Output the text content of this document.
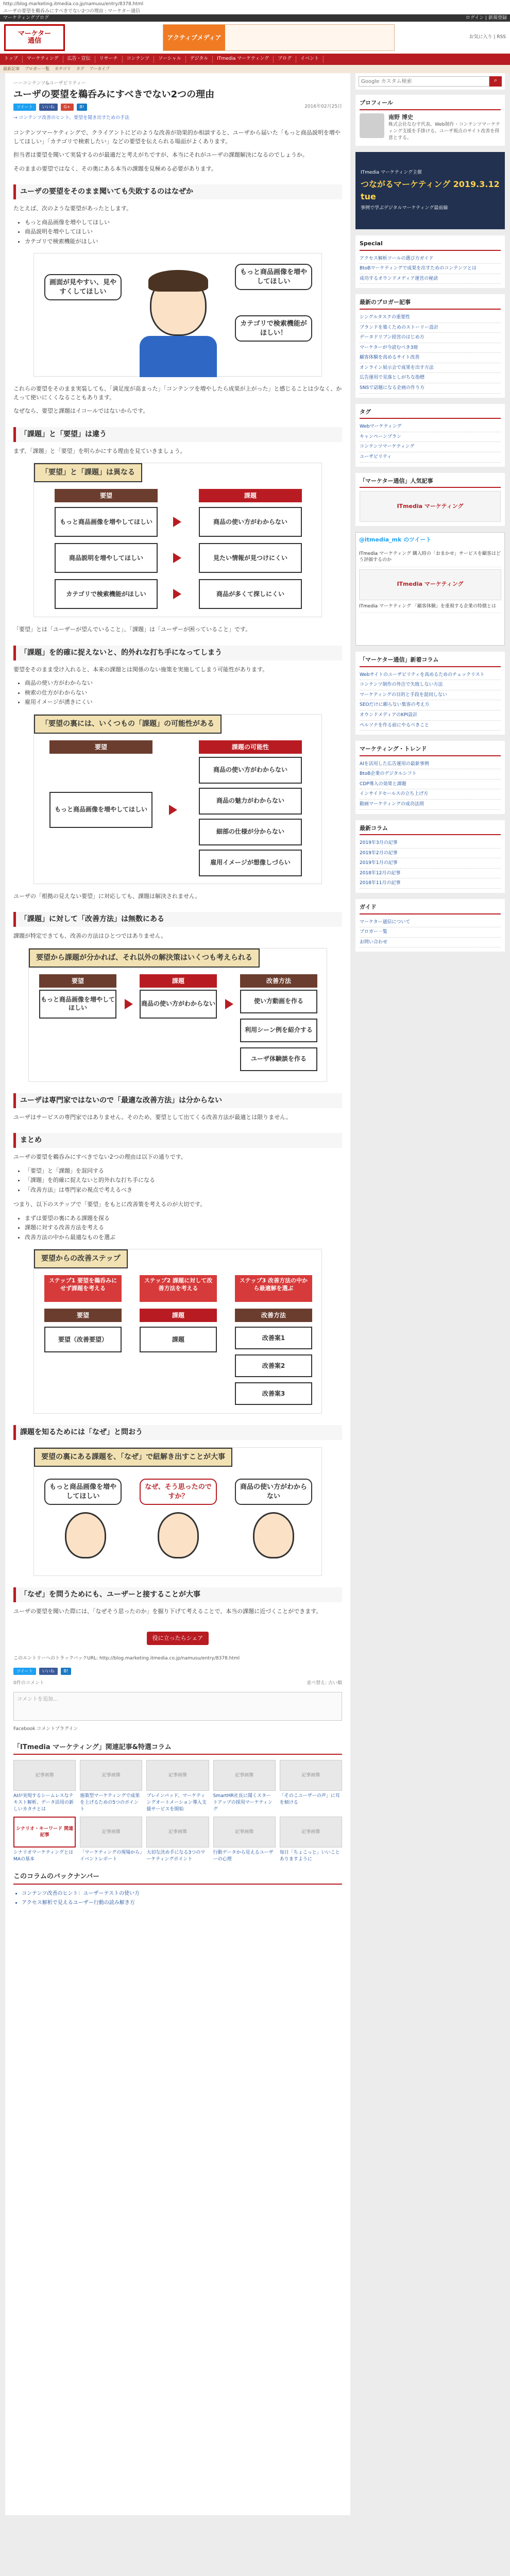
http://blog.marketing.itmedia.co.jp/namusu/entry/8378.html
ユーザの要望を鵜呑みにすべきでない2つの理由 : マーケター通信
マーケティングブログ	ログイン | 新規登録
マーケター
通信	アクティブメディア	お気に入り | RSS
トップ	マーケティング	広告・宣伝	リサーチ	コンテンツ	ソーシャル	デジタル	ITmedia マーケティング	ブログ	イベント
最新記事	ブロガー一覧	カテゴリ	タグ	アーカイブ
ーーコンテンツ&ユーザビリティー
ユーザの要望を鵜呑みにすべきでない2つの理由
ツイート	いいね	G+	B!	2016年02月25日
→ コンテンツ改善のヒント、要望を聞き出すための手法

コンテンツマーケティングで、クライアントにどのような改善が効果的か相談すると、ユーザから届いた「もっと商品説明を増やしてほしい」「カテゴリで検索したい」などの要望を伝えられる場面がよくあります。

担当者は要望を聞いて実装するのが最適だと考えがちですが、本当にそれがユーザの課題解決になるのでしょうか。

そのままの要望ではなく、その奥にある本当の課題を見極める必要があります。

ユーザの要望をそのまま聞いても失敗するのはなぜか

たとえば、次のような要望があったとします。

• もっと商品画像を増やしてほしい
• 商品説明を増やしてほしい
• カテゴリで検索機能がほしい
画面が見やすい、見やすくしてほしい
もっと商品画像を増やしてほしい
カテゴリで検索機能がほしい！

これらの要望をそのまま実装しても、「満足度が高まった」「コンテンツを増やしたら成果が上がった」と感じることは少なく、かえって使いにくくなることもあります。

なぜなら、要望と課題はイコールではないからです。

「課題」と「要望」は違う

まず、「課題」と「要望」を明らかにする理由を見ていきましょう。

「要望」と「課題」は異なる
要望	課題
もっと商品画像を増やしてほしい	商品の使い方がわからない
商品説明を増やしてほしい	見たい情報が見つけにくい
カテゴリで検索機能がほしい	商品が多くて探しにくい

「要望」とは「ユーザーが望んでいること」、「課題」は「ユーザーが困っていること」です。

「課題」を的確に捉えないと、的外れな打ち手になってしまう

要望をそのまま受け入れると、本来の課題とは関係のない施策を実施してしまう可能性があります。

• 商品の使い方がわからない
• 検索の仕方がわからない
• 雇用イメージが湧きにくい
「要望の裏には、いくつもの「課題」の可能性がある
要望	課題の可能性
もっと商品画像を増やしてほしい
商品の使い方がわからない
商品の魅力がわからない
細部の仕様が分からない
雇用イメージが想像しづらい

ユーザの「根拠の見えない要望」に対応しても、課題は解決されません。

「課題」に対して「改善方法」は無数にある

課題が特定できても、改善の方法はひとつではありません。

要望から課題が分かれば、それ以外の解決策はいくつも考えられる
要望	課題	改善方法
もっと商品画像を増やしてほしい
商品の使い方がわからない	使い方動画を作る
利用シーン例を紹介する
ユーザ体験談を作る
ユーザは専門家ではないので「最適な改善方法」は分からない

ユーザはサービスの専門家ではありません。そのため、要望として出てくる改善方法が最適とは限りません。

まとめ

ユーザの要望を鵜呑みにすべきでない2つの理由は以下の通りです。

• 「要望」と「課題」を混同する
• 「課題」を的確に捉えないと的外れな打ち手になる
• 「改善方法」は専門家の視点で考えるべき

つまり、以下のステップで「要望」をもとに改善策を考えるのが大切です。

• まずは要望の裏にある課題を探る
• 課題に対する改善方法を考える
• 改善方法の中から最適なものを選ぶ
要望からの改善ステップ
ステップ1 要望を鵜呑みにせず課題を考える
ステップ2 課題に対して改善方法を考える
ステップ3 改善方法の中から最適解を選ぶ
要望	課題	改善方法
要望（改善要望）	課題	改善案1
改善案2
改善案3
課題を知るためには「なぜ」と問おう
要望の裏にある課題を、「なぜ」で紐解き出すことが大事
もっと商品画像を増やしてほしい
なぜ、そう思ったのですか？
商品の使い方がわからない
「なぜ」を問うためにも、ユーザーと接することが大事

ユーザの要望を聞いた際には、「なぜそう思ったのか」を掘り下げて考えることで、本当の課題に近づくことができます。

役に立ったらシェア
このエントリーへのトラックバックURL: http://blog.marketing.itmedia.co.jp/namusu/entry/8378.html
ツイート	いいね	B!
0件のコメント	並べ替え: 古い順
コメントを追加...
Facebook コメントプラグイン
「ITmedia マーケティング」関連記事&特選コラム
記事画像
AIが実現するシームレスなテキスト解析、データ活用の新しいカタチとは
記事画像
施策型マーケティングで成果を上げるための5つのポイント
記事画像
ブレインパッド、マーケティングオートメーション導入支援サービスを開始
記事画像
SmartHR社長に聞くスタートアップの採用マーケティング
記事画像
「そのこユーザーの声」に耳を傾ける
シナリオ・キーワード 関連記事
シナリオマーケティングとはMAの基本
記事画像
「マーケティングの現場から」イベントレポート
記事画像
大切な決め手になる3つのマーケティングポイント
記事画像
行動データから見えるユーザーの心理
記事画像
毎日「ちょこっと」いいことありますように
このコラムのバックナンバー
• コンテンツ改善のヒント：ユーザーテストの使い方
• アクセス解析で見えるユーザー行動の読み解き方
Google カスタム検索
⌕
プロフィール
南野 博史
株式会社なむす代表。Web制作・コンテンツマーケティング支援を手掛ける。ユーザ視点のサイト改善を得意とする。
ITmedia マーケティング主催
つながるマーケティング 2019.3.12 tue
事例で学ぶデジタルマーケティング最前線
Special
アクセス解析ツールの選び方ガイド
BtoBマーケティングで成果を出すためのコンテンツとは
成功するオウンドメディア運営の秘訣
最新のブロガー記事
シングルタスクの重要性
ブランドを築くためのストーリー設計
データドリブン経営のはじめ方
マーケターが今読むべき3冊
顧客体験を高めるサイト改善
オンライン展示会で成果を出す方法
広告運用で見落としがちな指標
SNSで話題になる企画の作り方
タグ
Webマーケティング
キャンペーンプラン
コンテンツマーケティング
ユーザビリティ
「マーケター通信」人気記事
ITmedia マーケティング
@itmedia_mk のツイート
ITmedia マーケティング 購入時の「おまかせ」サービスを顧客はどう評価するのか
ITmedia マーケティング
ITmedia マーケティング 「顧客体験」を重視する企業の特徴とは
「マーケター通信」新着コラム
Webサイトのユーザビリティを高めるためのチェックリスト
コンテンツ制作の外注で失敗しない方法
マーケティングの目的と手段を混同しない
SEOだけに頼らない集客の考え方
オウンドメディアのKPI設計
ペルソナを作る前にやるべきこと
マーケティング・トレンド
AIを活用した広告運用の最新事例
BtoB企業のデジタルシフト
CDP導入の効果と課題
インサイドセールスの立ち上げ方
動画マーケティングの成功法則
最新コラム
2019年3月の記事
2019年2月の記事
2019年1月の記事
2018年12月の記事
2018年11月の記事
ガイド
マーケター通信について
ブロガー一覧
お問い合わせ
